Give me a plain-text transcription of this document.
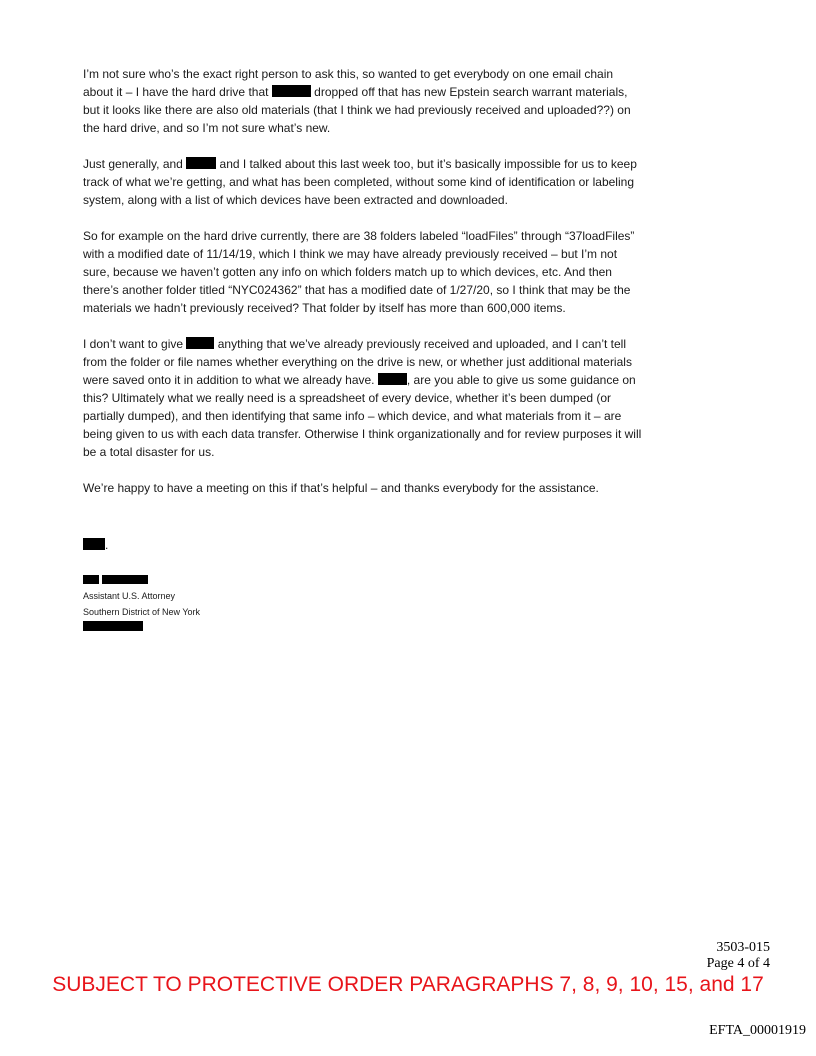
I’m not sure who’s the exact right person to ask this, so wanted to get everybody on one email chain about it – I have the hard drive that	dropped off that has new Epstein search warrant materials, but it looks like there are also old materials (that I think we had previously received and uploaded??) on the hard drive, and so I’m not sure what’s new.

Just generally, and	and I talked about this last week too, but it’s basically impossible for us to keep track of what we’re getting, and what has been completed, without some kind of identification or labeling system, along with a list of which devices have been extracted and downloaded.

So for example on the hard drive currently, there are 38 folders labeled “loadFiles” through “37loadFiles” with a modified date of 11/14/19, which I think we may have already previously received – but I’m not sure, because we haven’t gotten any info on which folders match up to which devices, etc. And then there’s another folder titled “NYC024362” that has a modified date of 1/27/20, so I think that may be the materials we hadn’t previously received? That folder by itself has more than 600,000 items.

I don’t want to give	anything that we’ve already previously received and uploaded, and I can’t tell from the folder or file names whether everything on the drive is new, or whether just additional materials were saved onto it in addition to what we already have.	, are you able to give us some guidance on this? Ultimately what we really need is a spreadsheet of every device, whether it’s been dumped (or partially dumped), and then identifying that same info – which device, and what materials from it – are being given to us with each data transfer. Otherwise I think organizationally and for review purposes it will be a total disaster for us.

We’re happy to have a meeting on this if that’s helpful – and thanks everybody for the assistance.

.

Assistant U.S. Attorney
Southern District of New York
3503-015
Page 4 of 4
SUBJECT TO PROTECTIVE ORDER PARAGRAPHS 7, 8, 9, 10, 15, and 17
EFTA_00001919
